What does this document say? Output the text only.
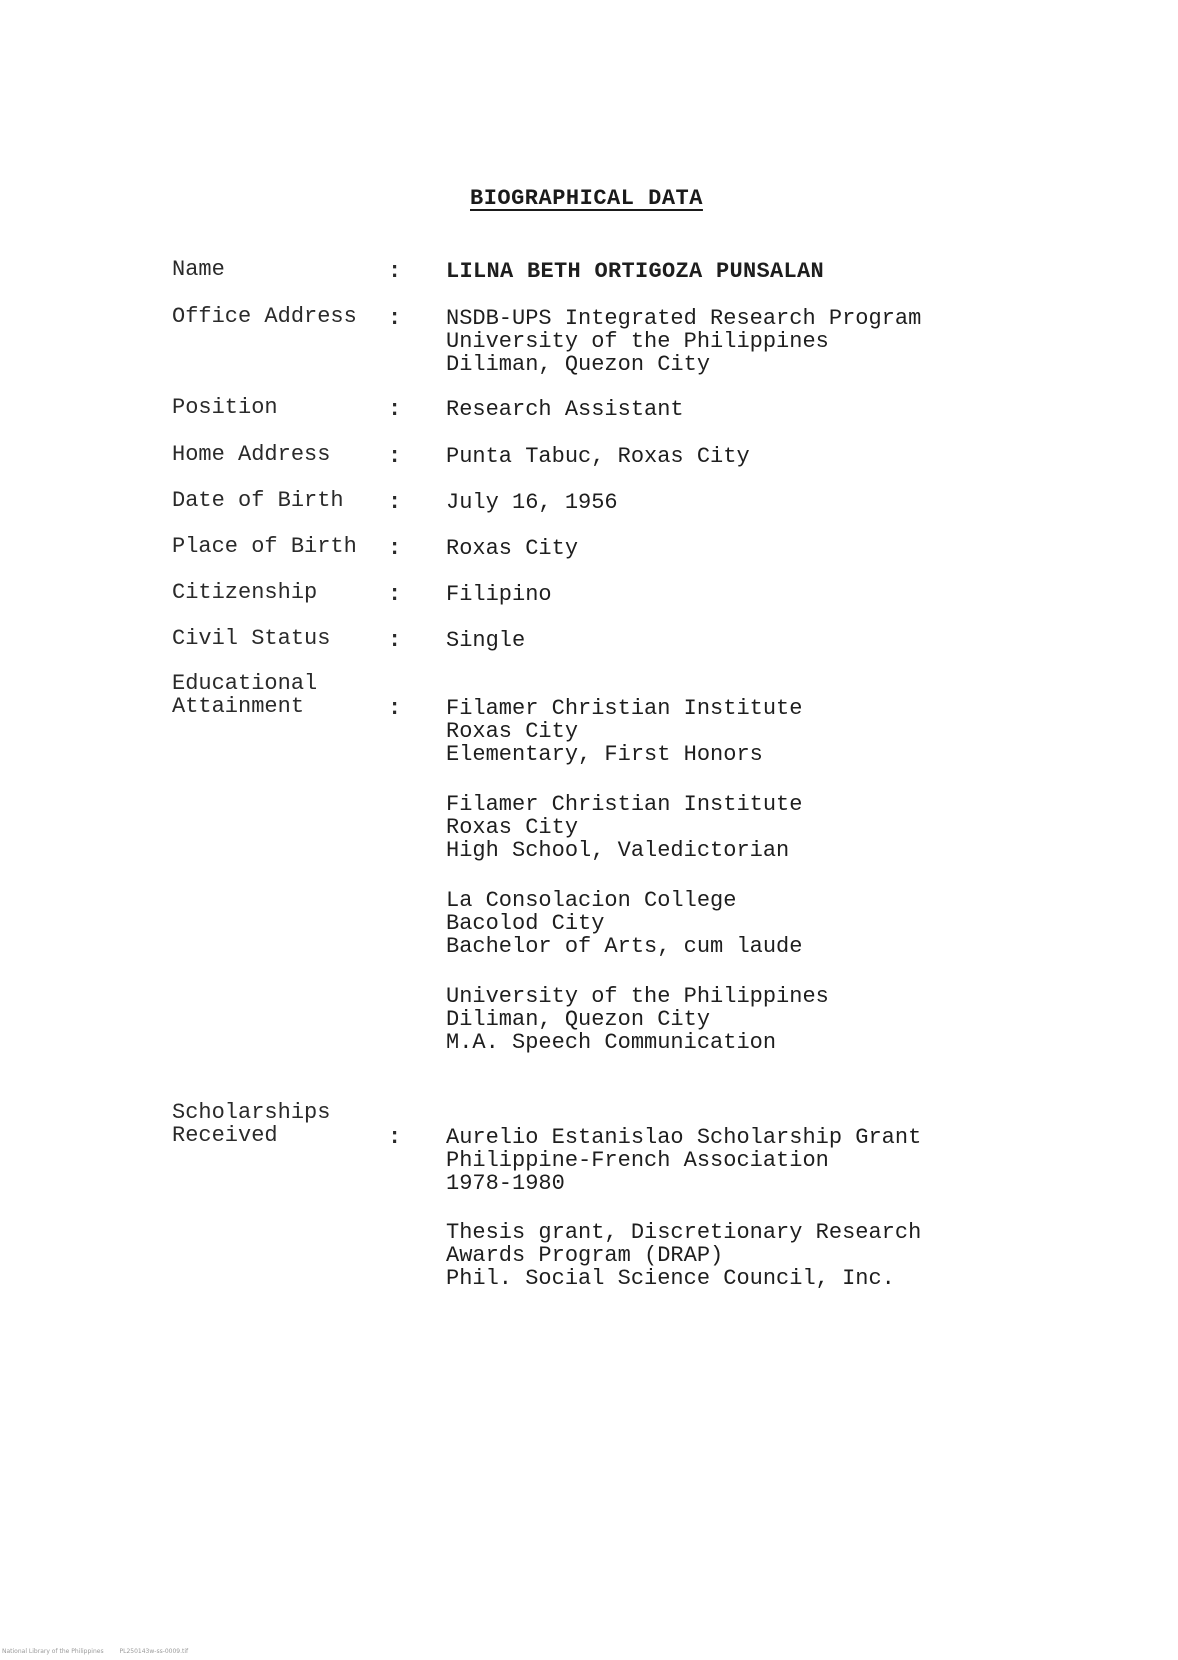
BIOGRAPHICAL DATA
Name	: LILNA BETH ORTIGOZA PUNSALAN
Office Address : NSDB-UPS Integrated Research Program
University of the Philippines
Diliman, Quezon City
Position	: Research Assistant
Home Address	: Punta Tabuc, Roxas City
Date of Birth : July 16, 1956
Place of Birth : Roxas City
Citizenship	: Filipino
Civil Status	: Single
Educational
Attainment	: Filamer Christian Institute
Roxas City
Elementary, First Honors
Filamer Christian Institute
Roxas City
High School, Valedictorian
La Consolacion College
Bacolod City
Bachelor of Arts, cum laude
University of the Philippines
Diliman, Quezon City
M.A. Speech Communication
Scholarships
Received	: Aurelio Estanislao Scholarship Grant
Philippine-French Association
1978-1980
Thesis grant, Discretionary Research
Awards Program (DRAP)
Phil. Social Science Council, Inc.
National Library of the Philippines	PL250143w-ss-0009.tif
